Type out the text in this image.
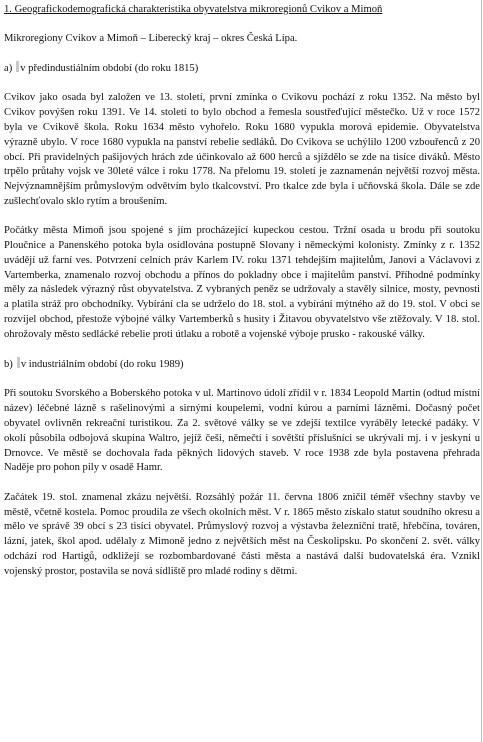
1. Geografickodemografická charakteristika obyvatelstva mikroregionů Cvikov a Mimoň

Mikroregiony Cvikov a Mimoň – Liberecký kraj – okres Česká Lípa.

a) v předindustiálním období (do roku 1815)

Cvikov jako osada byl založen ve 13. století, první zmínka o Cvikovu pochází z roku 1352. Na město byl Cvikov povýšen roku 1391. Ve 14. století to bylo obchod a řemesla soustřeďující městečko. Už v roce 1572 byla ve Cvikově škola. Roku 1634 město vyhořelo. Roku 1680 vypukla morová epidemie. Obyvatelstva výrazně ubylo. V roce 1680 vypukla na panství rebelie sedláků. Do Cvikova se uchýlilo 1200 vzbouřenců z 20 obcí. Při pravidelných pašijových hrách zde účinkovalo až 600 herců a sjíždělo se zde na tisíce diváků. Město trpělo průtahy vojsk ve 30leté válce i roku 1778. Na přelomu 19. století je zaznamenán největší rozvoj města. Nejvýznamnějším průmyslovým odvětvím bylo tkalcovství. Pro tkalce zde byla i učňovská škola. Dále se zde zušlechťovalo sklo rytím a broušením.

Počátky města Mimoň jsou spojené s jím procházející kupeckou cestou. Tržní osada u brodu při soutoku Ploučnice a Panenského potoka byla osídlována postupně Slovany i německými kolonisty. Zmínky z r. 1352 uvádějí už farní ves. Potvrzení celních práv Karlem IV. roku 1371 tehdejším majitelům, Janovi a Václavovi z Vartemberka, znamenalo rozvoj obchodu a přínos do pokladny obce i majitelům panství. Příhodné podmínky měly za následek výrazný růst obyvatelstva. Z vybraných peněz se udržovaly a stavěly silnice, mosty, pevnosti a platila stráž pro obchodníky. Vybírání cla se udrželo do 18. stol. a vybírání mýtného až do 19. stol. V obci se rozvíjel obchod, přestože výbojné války Vartemberků s husity i Žitavou obyvatelstvo vše ztěžovaly. V 18. stol. ohrožovaly město sedlácké rebelie proti útlaku a robotě a vojenské výboje prusko - rakouské války.

b) v industriálním období (do roku 1989)

Při soutoku Svorského a Boberského potoka v ul. Martinovo údolí zřídil v r. 1834 Leopold Martin (odtud místní název) léčebné lázně s rašelinovými a sirnými koupelemi, vodní kúrou a parními lázněmi. Dočasný počet obyvatel ovlivněn rekreační turistikou. Za 2. světové války se ve zdejší textilce vyráběly letecké padáky. V okolí působila odbojová skupina Waltro, jejíž češi, němečtí i sovětští příslušníci se ukrývali mj. i v jeskyni u Drnovce. Ve městě se dochovala řada pěkných lidových staveb. V roce 1938 zde byla postavena přehrada Naděje pro pohon pily v osadě Hamr.

Začátek 19. stol. znamenal zkázu největší. Rozsáhlý požár 11. června 1806 zničil téměř všechny stavby ve městě, včetně kostela. Pomoc proudila ze všech okolních měst. V r. 1865 město získalo statut soudního okresu a mělo ve správě 39 obcí s 23 tisíci obyvatel. Průmyslový rozvoj a výstavba železniční tratě, hřebčína, továren, lázní, jatek, škol apod. udělaly z Mimoně jedno z největších měst na Českolipsku. Po skončení 2. svět. války odchází rod Hartigů, odkližejí se rozbombardované části města a nastává další budovatelská éra. Vznikl vojenský prostor, postavila se nová sídliště pro mladé rodiny s dětmi.
